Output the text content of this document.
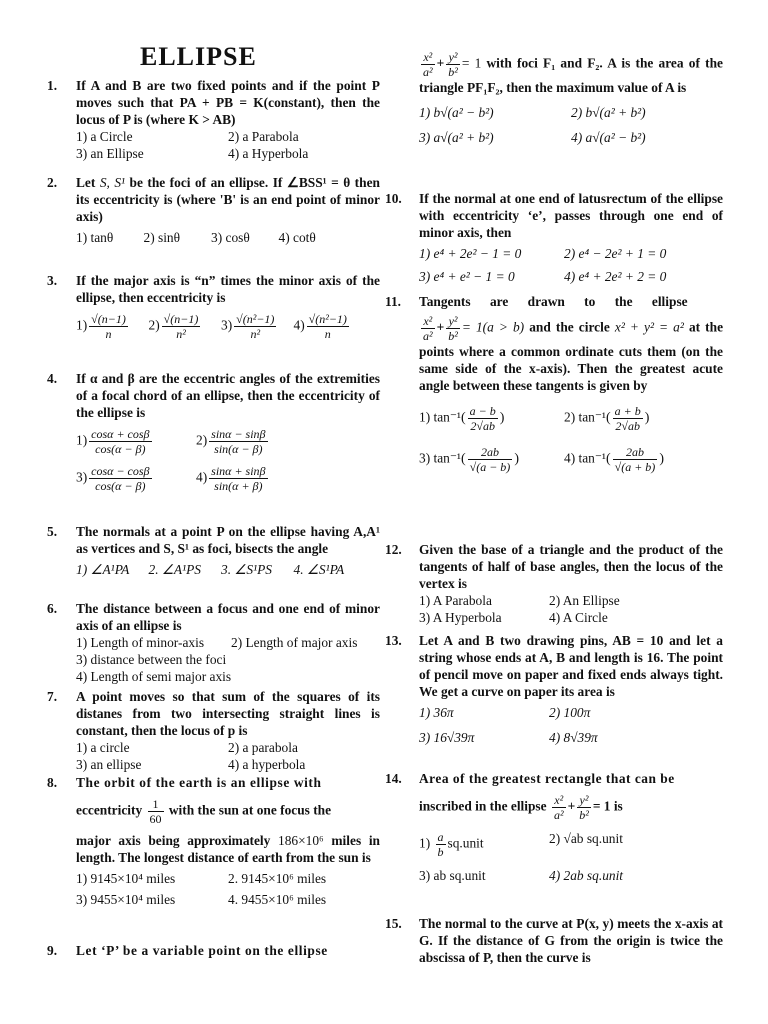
ELLIPSE
1. If A and B are two fixed points and if the point P moves such that PA + PB = K(constant), then the locus of P is (where K > AB)
1) a Circle	2) a Parabola
3) an Ellipse	4) a Hyperbola
2. Let S, S¹ be the foci of an ellipse. If ∠BSS¹ = θ then its eccentricity is (where 'B' is an end point of minor axis)
1) tanθ	2) sinθ	3) cosθ	4) cotθ
3. If the major axis is “n” times the minor axis of the ellipse, then eccentricity is
$1) \frac{√(n-1)}{n} 2) \frac{√(n-1)}{\text{n²}} 3) \frac{\text{√(n²−1)}}{\text{n²}} 4) \frac{\text{√(n²−1)}}{n}$
4. If α and β are the eccentric angles of the extremities of a focal chord of an ellipse, then the eccentricity of the ellipse is
$1) \frac{\cos\alpha + \cos\beta}{\cos(\alpha - \beta)}$	$2) \frac{\sin\alpha - \sin\beta}{\sin(\alpha - \beta)}$
$3) \frac{\cos\alpha - \cos\beta}{\cos(\alpha - \beta)}$	$4) \frac{\sin\alpha + \sin\beta}{\sin(\alpha + \beta)}$
5. The normals at a point P on the ellipse having A,A¹ as vertices and S, S¹ as foci, bisects the angle
1) ∠A¹PA	2. ∠A¹PS	3. ∠S¹PS	4. ∠S¹PA
6. The distance between a focus and one end of minor axis of an ellipse is
1) Length of minor-axis	2) Length of major axis
3) distance between the foci
4) Length of semi major axis
7. A point moves so that sum of the squares of its distanes from two intersecting straight lines is constant, then the locus of p is
1) a circle	2) a parabola
3) an ellipse	4) a hyperbola
8. The orbit of the earth is an ellipse with
eccentricity $\frac{1}{60}$ with the sun at one focus the
major axis being approximately 186×10⁶ miles in length. The longest distance of earth from the sun is
1) 9145×10⁴ miles	2. 9145×10⁶ miles
3) 9455×10⁴ miles	4. 9455×10⁶ miles
9. Let ‘P’ be a variable point on the ellipse
$\frac{\text{x²}}{\text{a²}} + \frac{\text{y²}}{\text{b²}} = 1$ with foci F₁ and F₂. A is the area of the triangle PF₁F₂, then the maximum value of A is
1) b√(a² − b²)	2) b√(a² + b²)
3) a√(a² + b²)	4) a√(a² − b²)
10. If the normal at one end of latusrectum of the ellipse with eccentricity ‘e’, passes through one end of minor axis, then
1) e⁴ + 2e² − 1 = 0	2) e⁴ − 2e² + 1 = 0
3) e⁴ + e² − 1 = 0	4) e⁴ + 2e² + 2 = 0
11. Tangents are drawn to the ellipse
$\frac{\text{x²}}{\text{a²}} + \frac{\text{y²}}{\text{b²}} = 1(a > b)$ and the circle x² + y² = a² at the points where a common ordinate cuts them (on the same side of the x-axis). Then the greatest acute angle between these tangents is given by
1) $\tan^{-1}( \frac{a - b}{2√ab}$ )	2) $\tan^{-1}( \frac{a + b}{2√ab}$ )
3) $\tan^{-1}( \frac{2ab}{√(a - b)}$ )	4) $\tan^{-1}( \frac{2ab}{√(a + b)}$ )
12. Given the base of a triangle and the product of the tangents of half of base angles, then the locus of the vertex is
1) A Parabola	2) An Ellipse
3) A Hyperbola	4) A Circle
13. Let A and B two drawing pins, AB = 10 and let a string whose ends at A, B and length is 16. The point of pencil move on paper and fixed ends always tight. We get a curve on paper its area is
1) 36π	2) 100π
3) 16√39π	4) 8√39π
14. Area of the greatest rectangle that can be
inscribed in the ellipse $\frac{\text{x²}}{\text{a²}} + \frac{\text{y²}}{\text{b²}} = 1$ is
$1) \frac{a}{b}$ sq.unit	2) √ab sq.unit
3) ab sq.unit	4) 2ab sq.unit
15. The normal to the curve at P(x, y) meets the x-axis at G. If the distance of G from the origin is twice the abscissa of P, then the curve is
